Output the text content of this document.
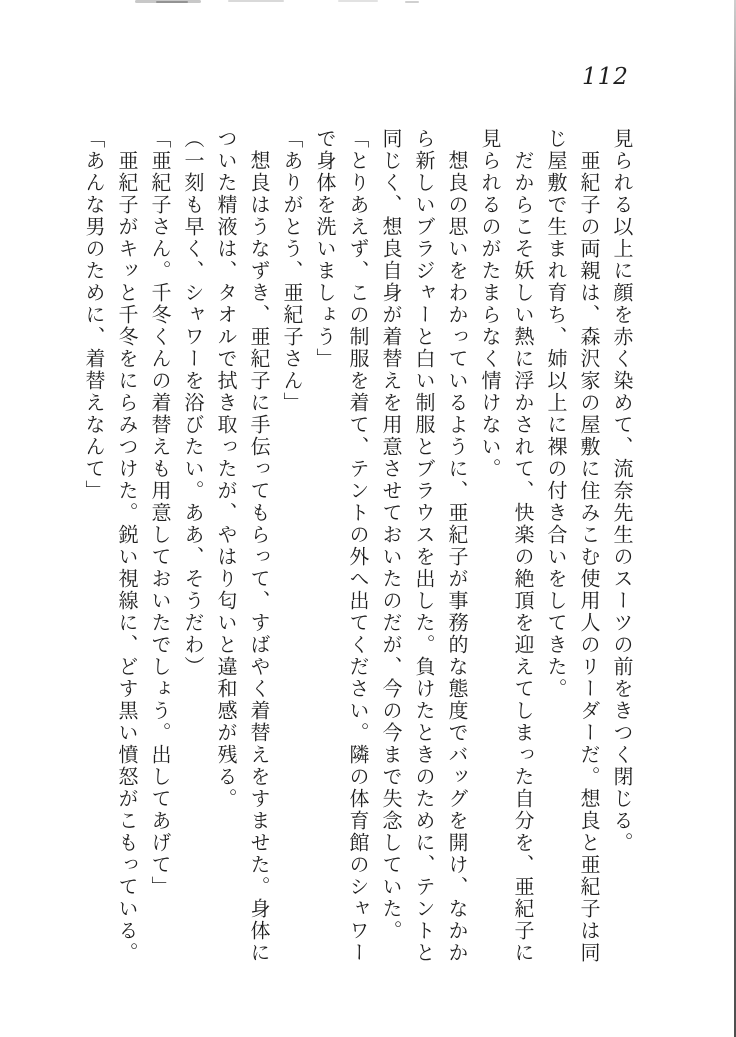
112

見られる以上に顔を赤く染めて、流奈先生のスーツの前をきつく閉じる。

　亜紀子の両親は、森沢家の屋敷に住みこむ使用人のリーダーだ。想良と亜紀子は同じ屋敷で生まれ育ち、姉以上に裸の付き合いをしてきた。

　だからこそ妖しい熱に浮かされて、快楽の絶頂を迎えてしまった自分を、亜紀子に見られるのがたまらなく情けない。

　想良の思いをわかっているように、亜紀子が事務的な態度でバッグを開け、なかから新しいブラジャーと白い制服とブラウスを出した。負けたときのために、テントと同じく、想良自身が着替えを用意させておいたのだが、今の今まで失念していた。

「とりあえず、この制服を着て、テントの外へ出てください。隣の体育館のシャワーで身体を洗いましょう」

「ありがとう、亜紀子さん」

　想良はうなずき、亜紀子に手伝ってもらって、すばやく着替えをすませた。身体についた精液は、タオルで拭き取ったが、やはり匂いと違和感が残る。

（一刻も早く、シャワーを浴びたい。ああ、そうだわ）

「亜紀子さん。千冬くんの着替えも用意しておいたでしょう。出してあげて」

　亜紀子がキッと千冬をにらみつけた。鋭い視線に、どす黒い憤怒がこもっている。

「あんな男のために、着替えなんて」
